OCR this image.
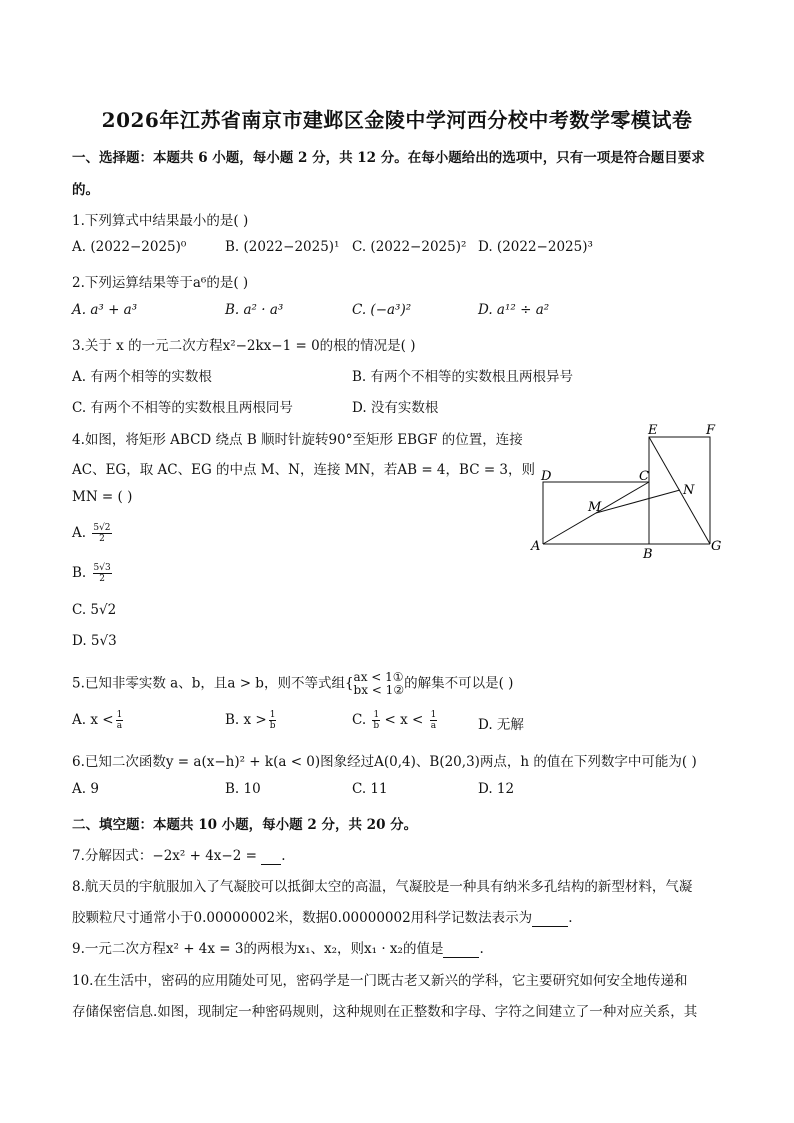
2026年江苏省南京市建邺区金陵中学河西分校中考数学零模试卷
一、选择题：本题共 6 小题，每小题 2 分，共 12 分。在每小题给出的选项中，只有一项是符合题目要求
的。
1.下列算式中结果最小的是( )
A. (2022−2025)⁰	B. (2022−2025)¹ C. (2022−2025)² D. (2022−2025)³
2.下列运算结果等于a⁶的是( )
A. a³ + a³	B. a² · a³	C. (−a³)²	D. a¹² ÷ a²
3.关于 x 的一元二次方程x²−2kx−1 = 0的根的情况是( )
A. 有两个相等的实数根	B. 有两个不相等的实数根且两根异号
C. 有两个不相等的实数根且两根同号	D. 没有实数根
4.如图，将矩形 ABCD 绕点 B 顺时针旋转90°至矩形 EBGF 的位置，连接
AC、EG，取 AC、EG 的中点 M、N，连接 MN，若AB = 4，BC = 3，则
MN = ( )
A. $\frac{5√2}{2}$
B. $\frac{5√3}{2}$
C. 5√2
D. 5√3
E	F
D	C
N
M
A
B
G
5.已知非零实数 a、b，且a > b，则不等式组{ ax < 1①
bx < 1② 的解集不可以是( )
A. $x < \frac{1}{a}$	B. $x > \frac{1}{b}$	C. $\frac{1}{b} < x < \frac{1}{a}$	D. 无解
6.已知二次函数y = a(x−h)² + k(a < 0)图象经过A(0,4)、B(20,3)两点，h 的值在下列数字中可能为( )
A. 9	B. 10	C. 11	D. 12
二、填空题：本题共 10 小题，每小题 2 分，共 20 分。
7.分解因式：−2x² + 4x−2 = .
8.航天员的宇航服加入了气凝胶可以抵御太空的高温，气凝胶是一种具有纳米多孔结构的新型材料，气凝
胶颗粒尺寸通常小于0.00000002米，数据0.00000002用科学记数法表示为	.
9.一元二次方程x² + 4x = 3的两根为x₁、x₂，则x₁ · x₂的值是	.
10.在生活中，密码的应用随处可见，密码学是一门既古老又新兴的学科，它主要研究如何安全地传递和
存储保密信息.如图，现制定一种密码规则，这种规则在正整数和字母、字符之间建立了一种对应关系，其
